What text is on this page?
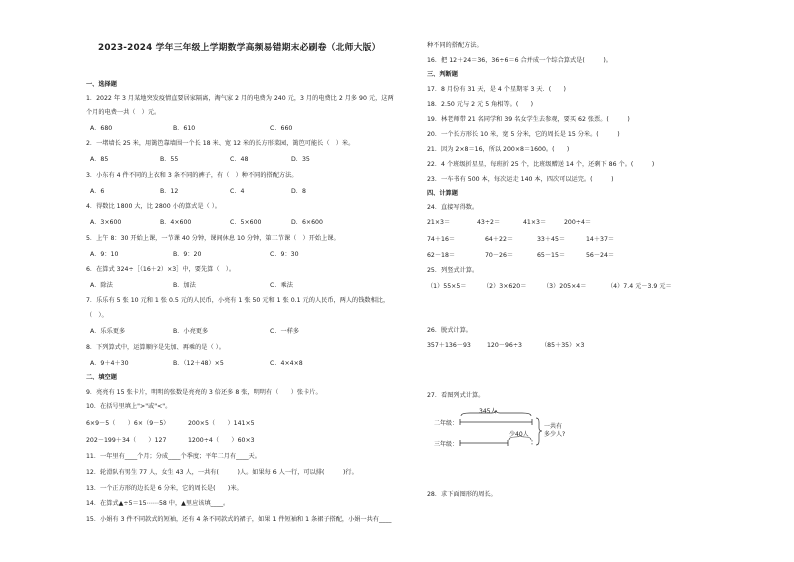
2023-2024 学年三年级上学期数学高频易错期末必刷卷（北师大版）
一、选择题
1．2022 年 3 月某地突发疫情直要居家隔离，淘气家 2 月的电费为 240 元，3 月的电费比 2 月多 90 元，这两
个月的电费一共（　）元。
A．680	B．610	C．660
2．一堵墙长 25 米，用篱笆靠墙围一个长 18 米、宽 12 米的长方形菜园，篱笆可能长（　）米。
A．85	B．55	C．48	D．35
3．小东有 4 件不同的上衣和 3 条不同的裤子，有（　）种不同的搭配方法。
A．6	B．12	C．4	D．8
4．得数比 1800 大，比 2800 小的算式是（ ）。
A．3×600	B．4×600	C．5×600	D．6×600
5．上午 8：30 开始上课，一节课 40 分钟，课间休息 10 分钟，第二节课（　）开始上课。
A．9：10	B．9：20	C．9：30
6．在算式 324÷［（16＋2）×3］中，要先算（　）。
A．除法	B．加法	C．乘法
7．乐乐有 5 张 10 元和 1 张 0.5 元的人民币，小亮有 1 张 50 元和 1 张 0.1 元的人民币，两人的钱数相比，
（　）。
A．乐乐更多	B．小亮更多	C．一样多
8．下列算式中，运算顺序是先加、再乘的是（ ）。
A．9＋4＋30	B．（12＋48）×5	C．4×4×8
二、填空题
9．亮亮有 15 张卡片，明明的张数是亮亮的 3 倍还多 8 张，明明有（　　）张卡片。
10．在括号里填上">"或"<"。
6×9－5（　　）6×（9－5）	200×5（　　）141×5
202－199＋34（　　）127	1200÷4（　　）60×3
11．一年里有____个月；分成____个季度；平年二月有____天。
12．轮滑队有男生 77 人，女生 43 人，一共有(　　　)人。如果每 6 人一行，可以排(　　　)行。
13．一个正方形的边长是 6 分米，它的周长是(　　)米。
14．在算式▲÷5＝15⋯⋯58 中，▲里应该填____。
15．小娟有 3 件不同款式的短袖，还有 4 条不同款式的裙子，如果 1 件短袖和 1 条裙子搭配，小娟一共有____
种不同的搭配方法。
16．把 12＋24＝36，36÷6＝6 合并成一个综合算式是(　　　)。
三、判断题
17．8 月份有 31 天，是 4 个星期零 3 天．(　　)
18．2.50 元与 2 元 5 角相等。(　　)
19．林老师带 21 名同学和 39 名女学生去参观，要买 62 张票。(　　　)
20．一个长方形长 10 米，宽 5 分米，它的周长是 15 分米。(　　　)
21．因为 2×8＝16，所以 200×8＝1600。(　　)
22．4 个班级折星星，每班折 25 个，比班级赠送 14 个，还剩下 86 个。(　　　)
23．一车书有 500 本，每次运走 140 本，四次可以运完。(　　　)
四、计算题
24．直接写得数。
21×3＝	43÷2＝	41×3＝	200÷4＝
74＋16＝	64＋22＝	33＋45＝	14＋37＝
62－18＝	70－26＝	65－15＝	56－24＝
25．列竖式计算。
（1）55×5＝	（2）3×620＝	（3）205×4＝	（4）7.4 元－3.9 元＝
26．脱式计算。
357＋136－93	120－96÷3	（85＋35）×3
27．看图列式计算。
二年级：
三年级：
345人
少40人
一共有
多少人?
28．求下面图形的周长。
